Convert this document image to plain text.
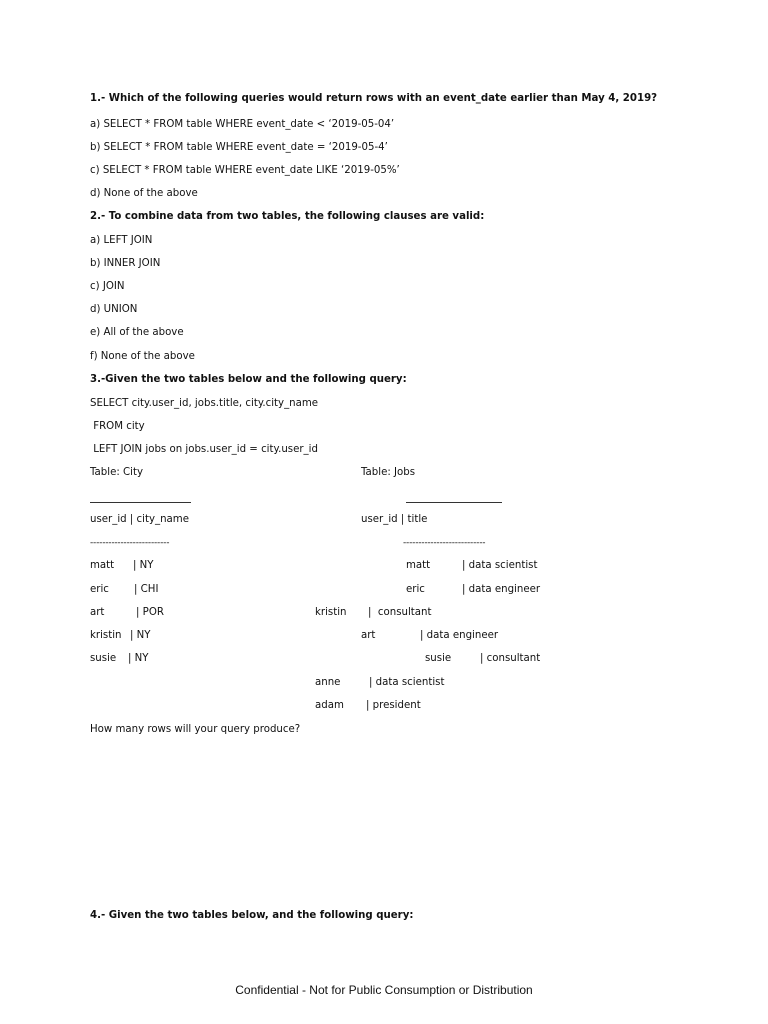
1.- Which of the following queries would return rows with an event_date earlier than May 4, 2019?
a) SELECT * FROM table WHERE event_date < ‘2019-05-04’
b) SELECT * FROM table WHERE event_date = ‘2019-05-4’
c) SELECT * FROM table WHERE event_date LIKE ‘2019-05%’
d) None of the above
2.- To combine data from two tables, the following clauses are valid:
a) LEFT JOIN
b) INNER JOIN
c) JOIN
d) UNION
e) All of the above
f) None of the above
3.-Given the two tables below and the following query:
SELECT city.user_id, jobs.title, city.city_name
FROM city
LEFT JOIN jobs on jobs.user_id = city.user_id
Table: City	Table: Jobs
user_id | city_name	user_id | title
--------------------------	---------------------------
matt | NY
eric | CHI
art	| POR
kristin | NY
susie | NY
matt	| data scientist
eric	| data engineer
kristin |  consultant
art	| data engineer
susie	| consultant
anne	| data scientist
adam | president
How many rows will your query produce?
4.- Given the two tables below, and the following query:
Confidential - Not for Public Consumption or Distribution
